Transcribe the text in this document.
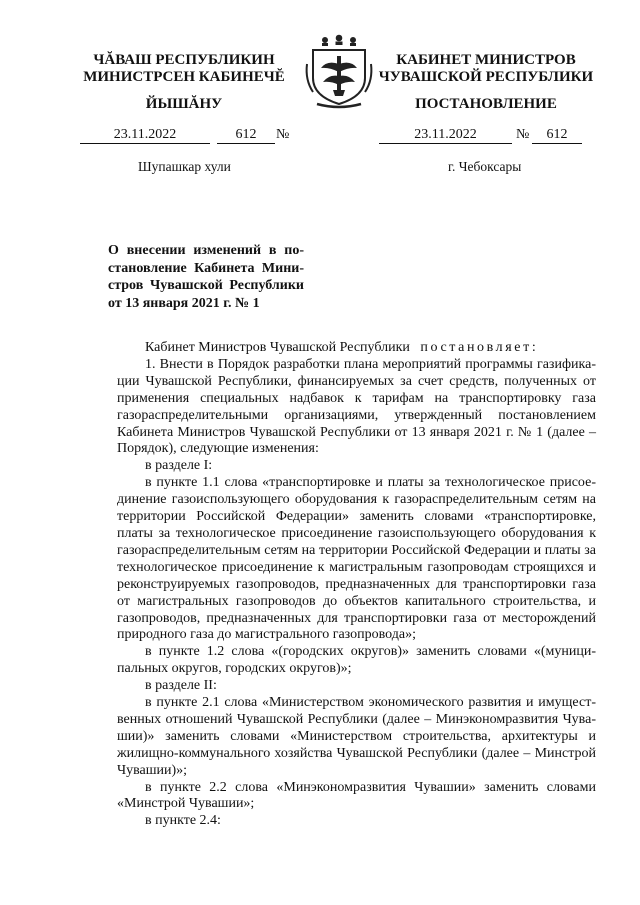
ЧĂВАШ РЕСПУБЛИКИН
МИНИСТРСЕН КАБИНЕЧĔ
КАБИНЕТ МИНИСТРОВ
ЧУВАШСКОЙ РЕСПУБЛИКИ
ЙЫШĂНУ	ПОСТАНОВЛЕНИЕ
23.11.2022	612	№	23.11.2022	№	612
Шупашкар хули	г. Чебоксары
О внесении изменений в постановление Кабинета Министров Чувашской Республики от 13 января 2021 г. № 1

Кабинет Министров Чувашской Республики постановляет:

1. Внести в Порядок разработки плана мероприятий программы газификации Чувашской Республики, финансируемых за счет средств, полученных от применения специальных надбавок к тарифам на транспортировку газа газораспределительными организациями, утвержденный постановлением Кабинета Министров Чувашской Республики от 13 января 2021 г. № 1 (далее – Порядок), следующие изменения:

в разделе I:

в пункте 1.1 слова «транспортировке и платы за технологическое присоединение газоиспользующего оборудования к газораспределительным сетям на территории Российской Федерации» заменить словами «транспортировке, платы за технологическое присоединение газоиспользующего оборудования к газораспределительным сетям на территории Российской Федерации и платы за технологическое присоединение к магистральным газопроводам строящихся и реконструируемых газопроводов, предназначенных для транспортировки газа от магистральных газопроводов до объектов капитального строительства, и газопроводов, предназначенных для транспортировки газа от месторождений природного газа до магистрального газопровода»;

в пункте 1.2 слова «(городских округов)» заменить словами «(муниципальных округов, городских округов)»;

в разделе II:

в пункте 2.1 слова «Министерством экономического развития и имущественных отношений Чувашской Республики (далее – Минэкономразвития Чувашии)» заменить словами «Министерством строительства, архитектуры и жилищно-коммунального хозяйства Чувашской Республики (далее – Минстрой Чувашии)»;

в пункте 2.2 слова «Минэкономразвития Чувашии» заменить словами «Минстрой Чувашии»;

в пункте 2.4:
